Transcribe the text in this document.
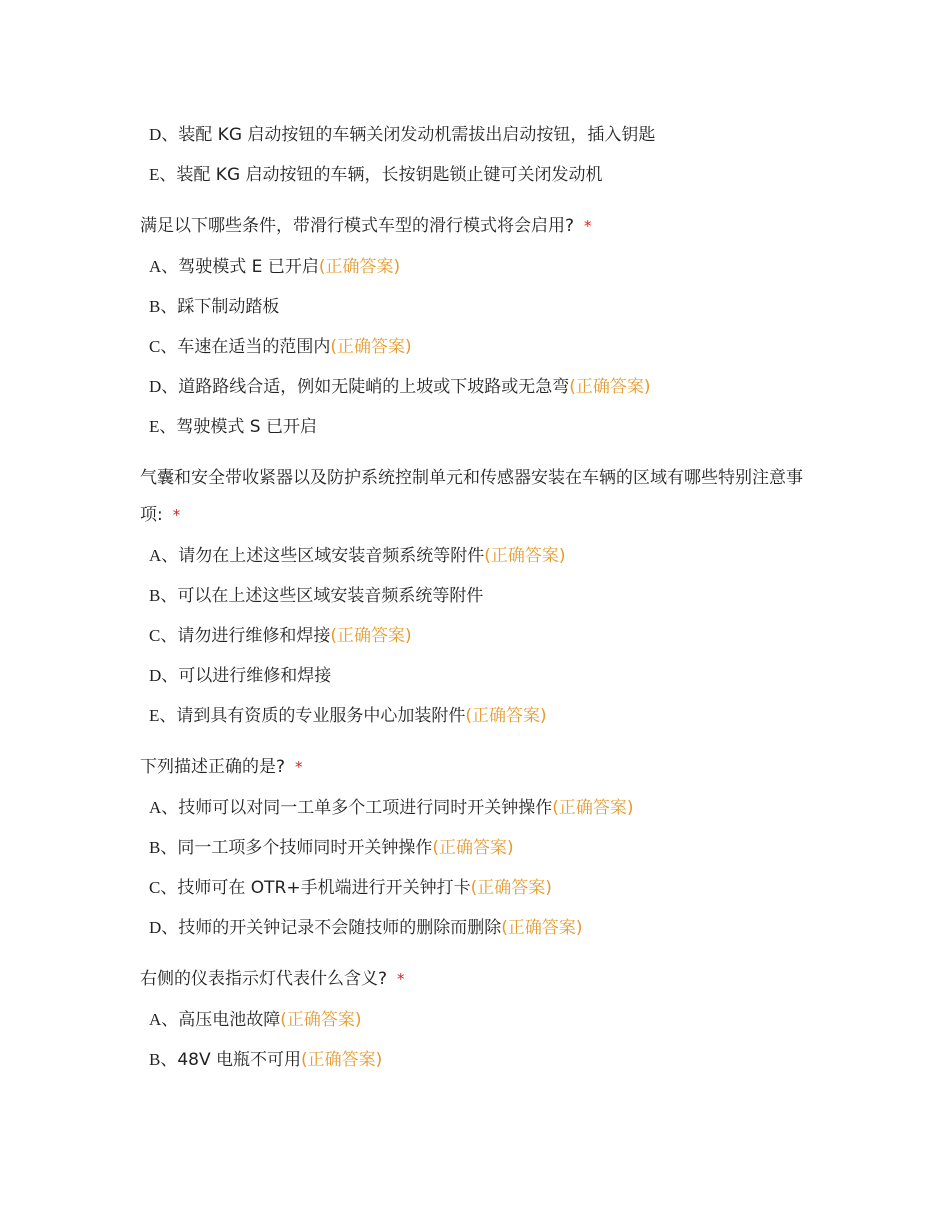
D、装配 KG 启动按钮的车辆关闭发动机需拔出启动按钮，插入钥匙
E、装配 KG 启动按钮的车辆，长按钥匙锁止键可关闭发动机

满足以下哪些条件，带滑行模式车型的滑行模式将会启用? *

A、驾驶模式 E 已开启(正确答案)
B、踩下制动踏板
C、车速在适当的范围内(正确答案)
D、道路路线合适，例如无陡峭的上坡或下坡路或无急弯(正确答案)
E、驾驶模式 S 已开启

气囊和安全带收紧器以及防护系统控制单元和传感器安装在车辆的区域有哪些特别注意事项: *

A、请勿在上述这些区域安装音频系统等附件(正确答案)
B、可以在上述这些区域安装音频系统等附件
C、请勿进行维修和焊接(正确答案)
D、可以进行维修和焊接
E、请到具有资质的专业服务中心加装附件(正确答案)

下列描述正确的是? *

A、技师可以对同一工单多个工项进行同时开关钟操作(正确答案)
B、同一工项多个技师同时开关钟操作(正确答案)
C、技师可在 OTR+手机端进行开关钟打卡(正确答案)
D、技师的开关钟记录不会随技师的删除而删除(正确答案)

右侧的仪表指示灯代表什么含义? *

A、高压电池故障(正确答案)
B、48V 电瓶不可用(正确答案)
